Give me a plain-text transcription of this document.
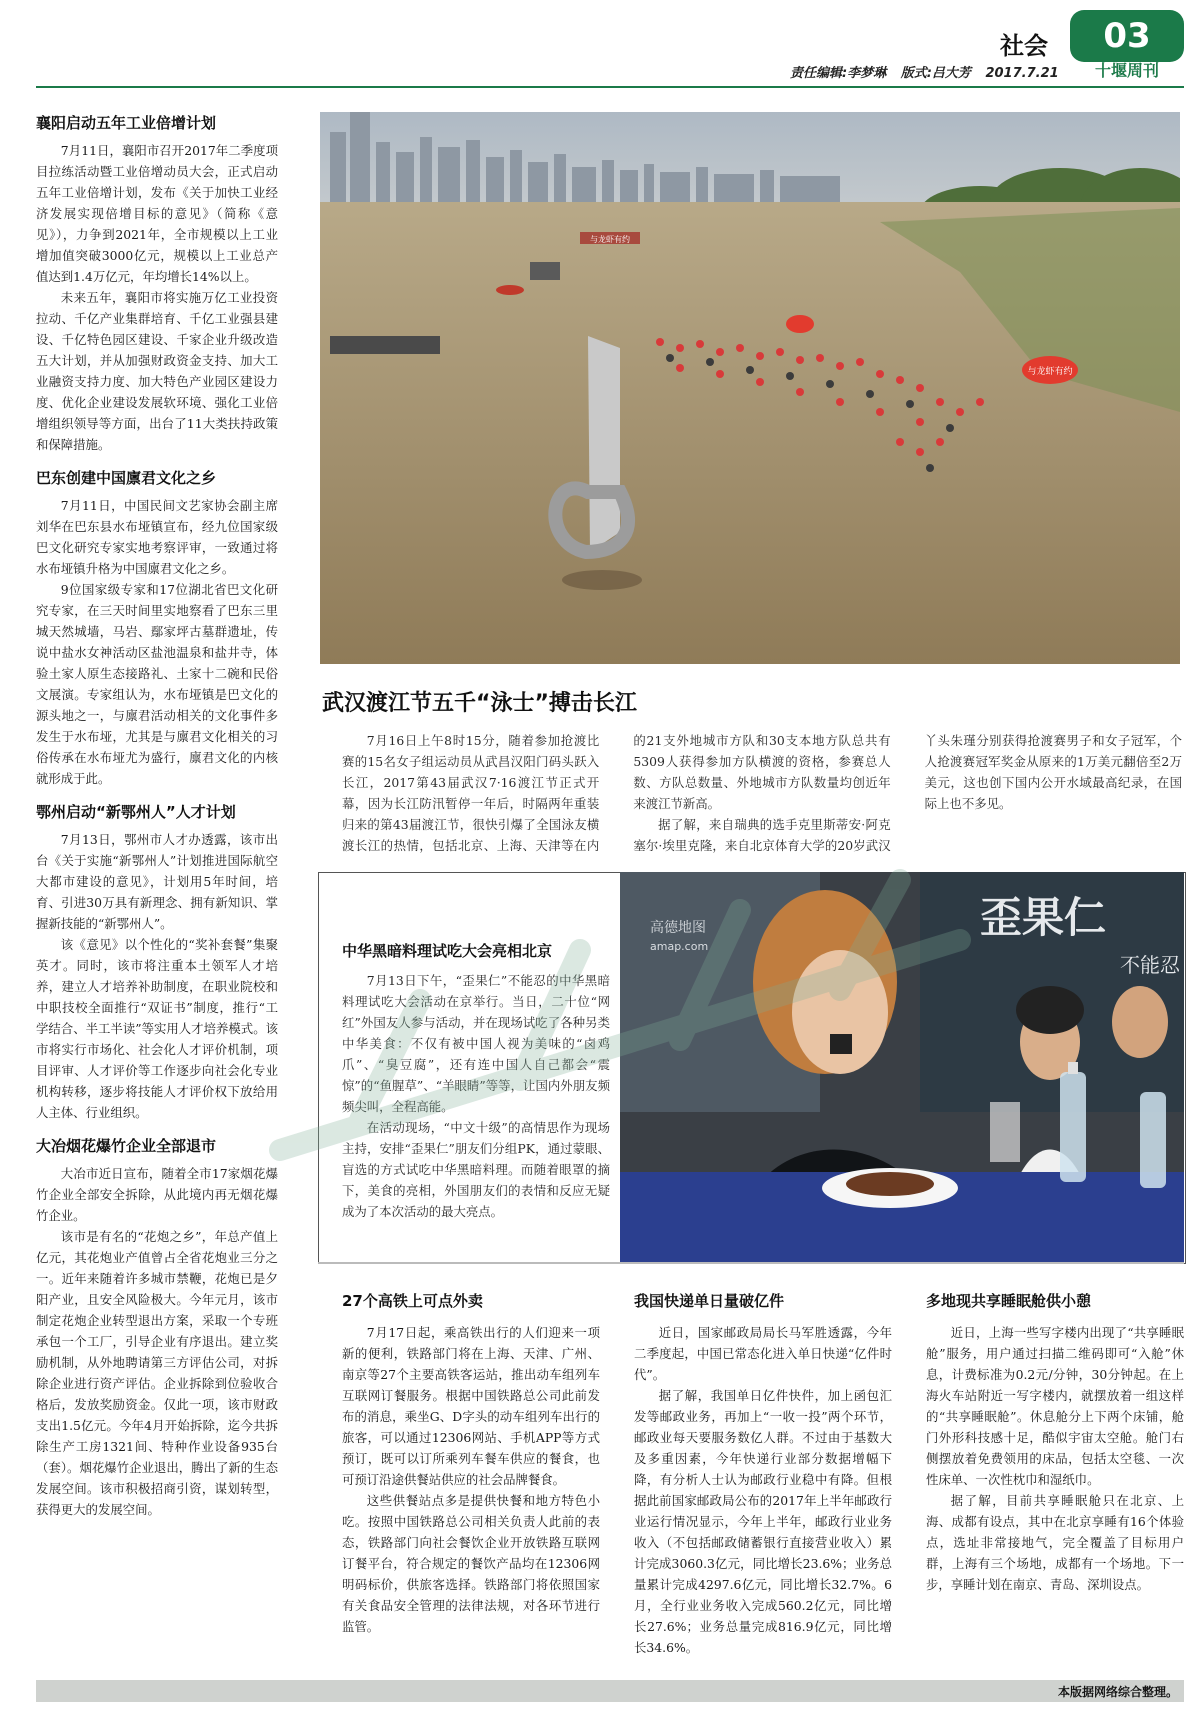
社会	03
十堰周刊
责任编辑:李梦琳 版式:吕大芳 2017.7.21
襄阳启动五年工业倍增计划

7月11日，襄阳市召开2017年二季度项目拉练活动暨工业倍增动员大会，正式启动五年工业倍增计划，发布《关于加快工业经济发展实现倍增目标的意见》（简称《意见》），力争到2021年，全市规模以上工业增加值突破3000亿元，规模以上工业总产值达到1.4万亿元，年均增长14%以上。

未来五年，襄阳市将实施万亿工业投资拉动、千亿产业集群培育、千亿工业强县建设、千亿特色园区建设、千家企业升级改造五大计划，并从加强财政资金支持、加大工业融资支持力度、加大特色产业园区建设力度、优化企业建设发展软环境、强化工业倍增组织领导等方面，出台了11大类扶持政策和保障措施。

巴东创建中国廪君文化之乡

7月11日，中国民间文艺家协会副主席刘华在巴东县水布垭镇宣布，经九位国家级巴文化研究专家实地考察评审，一致通过将水布垭镇升格为中国廪君文化之乡。

9位国家级专家和17位湖北省巴文化研究专家，在三天时间里实地察看了巴东三里城天然城墙，马岩、鄢家坪古墓群遗址，传说中盐水女神活动区盐池温泉和盐井寺，体验土家人原生态接路礼、土家十二碗和民俗文展演。专家组认为，水布垭镇是巴文化的源头地之一，与廪君活动相关的文化事件多发生于水布垭，尤其是与廪君文化相关的习俗传承在水布垭尤为盛行，廪君文化的内核就形成于此。

鄂州启动“新鄂州人”人才计划

7月13日，鄂州市人才办透露，该市出台《关于实施“新鄂州人”计划推进国际航空大都市建设的意见》，计划用5年时间，培育、引进30万具有新理念、拥有新知识、掌握新技能的“新鄂州人”。

该《意见》以个性化的“奖补套餐”集聚英才。同时，该市将注重本土领军人才培养，建立人才培养补助制度，在职业院校和中职技校全面推行“双证书”制度，推行“工学结合、半工半读”等实用人才培养模式。该市将实行市场化、社会化人才评价机制，项目评审、人才评价等工作逐步向社会化专业机构转移，逐步将技能人才评价权下放给用人主体、行业组织。

大冶烟花爆竹企业全部退市

大冶市近日宣布，随着全市17家烟花爆竹企业全部安全拆除，从此境内再无烟花爆竹企业。

该市是有名的“花炮之乡”，年总产值上亿元，其花炮业产值曾占全省花炮业三分之一。近年来随着许多城市禁鞭，花炮已是夕阳产业，且安全风险极大。今年元月，该市制定花炮企业转型退出方案，采取一个专班承包一个工厂，引导企业有序退出。建立奖励机制，从外地聘请第三方评估公司，对拆除企业进行资产评估。企业拆除到位验收合格后，发放奖励资金。仅此一项，该市财政支出1.5亿元。今年4月开始拆除，迄今共拆除生产工房1321间、特种作业设备935台（套）。烟花爆竹企业退出，腾出了新的生态发展空间。该市积极招商引资，谋划转型，获得更大的发展空间。

与龙虾有约
与龙虾有约
武汉渡江节五千“泳士”搏击长江

7月16日上午8时15分，随着参加抢渡比赛的15名女子组运动员从武昌汉阳门码头跃入长江，2017第43届武汉7·16渡江节正式开幕，因为长江防汛暂停一年后，时隔两年重装归来的第43届渡江节，很快引爆了全国泳友横渡长江的热情，包括北京、上海、天津等在内的21支外地城市方队和30支本地方队总共有5309人获得参加方队横渡的资格，参赛总人数、方队总数量、外地城市方队数量均创近年来渡江节新高。

据了解，来自瑞典的选手克里斯蒂安·阿克塞尔·埃里克隆，来自北京体育大学的20岁武汉丫头朱瑾分别获得抢渡赛男子和女子冠军，个人抢渡赛冠军奖金从原来的1万美元翻倍至2万美元，这也创下国内公开水域最高纪录，在国际上也不多见。

中华黑暗料理试吃大会亮相北京

7月13日下午，“歪果仁”不能忍的中华黑暗料理试吃大会活动在京举行。当日，二十位“网红”外国友人参与活动，并在现场试吃了各种另类中华美食：不仅有被中国人视为美味的“卤鸡爪”、“臭豆腐”，还有连中国人自己都会“震惊”的“鱼腥草”、“羊眼睛”等等，让国内外朋友频频尖叫，全程高能。

在活动现场，“中文十级”的高情思作为现场主持，安排“歪果仁”朋友们分组PK，通过蒙眼、盲选的方式试吃中华黑暗料理。而随着眼罩的摘下，美食的亮相，外国朋友们的表情和反应无疑成为了本次活动的最大亮点。

高德地图
amap.com
歪果仁
不能忍
27个高铁上可点外卖

7月17日起，乘高铁出行的人们迎来一项新的便利，铁路部门将在上海、天津、广州、南京等27个主要高铁客运站，推出动车组列车互联网订餐服务。根据中国铁路总公司此前发布的消息，乘坐G、D字头的动车组列车出行的旅客，可以通过12306网站、手机APP等方式预订，既可以订所乘列车餐车供应的餐食，也可预订沿途供餐站供应的社会品牌餐食。

这些供餐站点多是提供快餐和地方特色小吃。按照中国铁路总公司相关负责人此前的表态，铁路部门向社会餐饮企业开放铁路互联网订餐平台，符合规定的餐饮产品均在12306网明码标价，供旅客选择。铁路部门将依照国家有关食品安全管理的法律法规，对各环节进行监管。

我国快递单日量破亿件

近日，国家邮政局局长马军胜透露，今年二季度起，中国已常态化进入单日快递“亿件时代”。

据了解，我国单日亿件快件，加上函包汇发等邮政业务，再加上“一收一投”两个环节，邮政业每天要服务数亿人群。不过由于基数大及多重因素，今年快递行业部分数据增幅下降，有分析人士认为邮政行业稳中有降。但根据此前国家邮政局公布的2017年上半年邮政行业运行情况显示，今年上半年，邮政行业业务收入（不包括邮政储蓄银行直接营业收入）累计完成3060.3亿元，同比增长23.6%；业务总量累计完成4297.6亿元，同比增长32.7%。6月，全行业业务收入完成560.2亿元，同比增长27.6%；业务总量完成816.9亿元，同比增长34.6%。

多地现共享睡眠舱供小憩

近日，上海一些写字楼内出现了“共享睡眠舱”服务，用户通过扫描二维码即可“入舱”休息，计费标准为0.2元/分钟，30分钟起。在上海火车站附近一写字楼内，就摆放着一组这样的“共享睡眠舱”。休息舱分上下两个床铺，舱门外形科技感十足，酷似宇宙太空舱。舱门右侧摆放着免费领用的床品，包括太空毯、一次性床单、一次性枕巾和湿纸巾。

据了解，目前共享睡眠舱只在北京、上海、成都有设点，其中在北京享睡有16个体验点，选址非常接地气，完全覆盖了目标用户群，上海有三个场地，成都有一个场地。下一步，享睡计划在南京、青岛、深圳设点。

本版据网络综合整理。
